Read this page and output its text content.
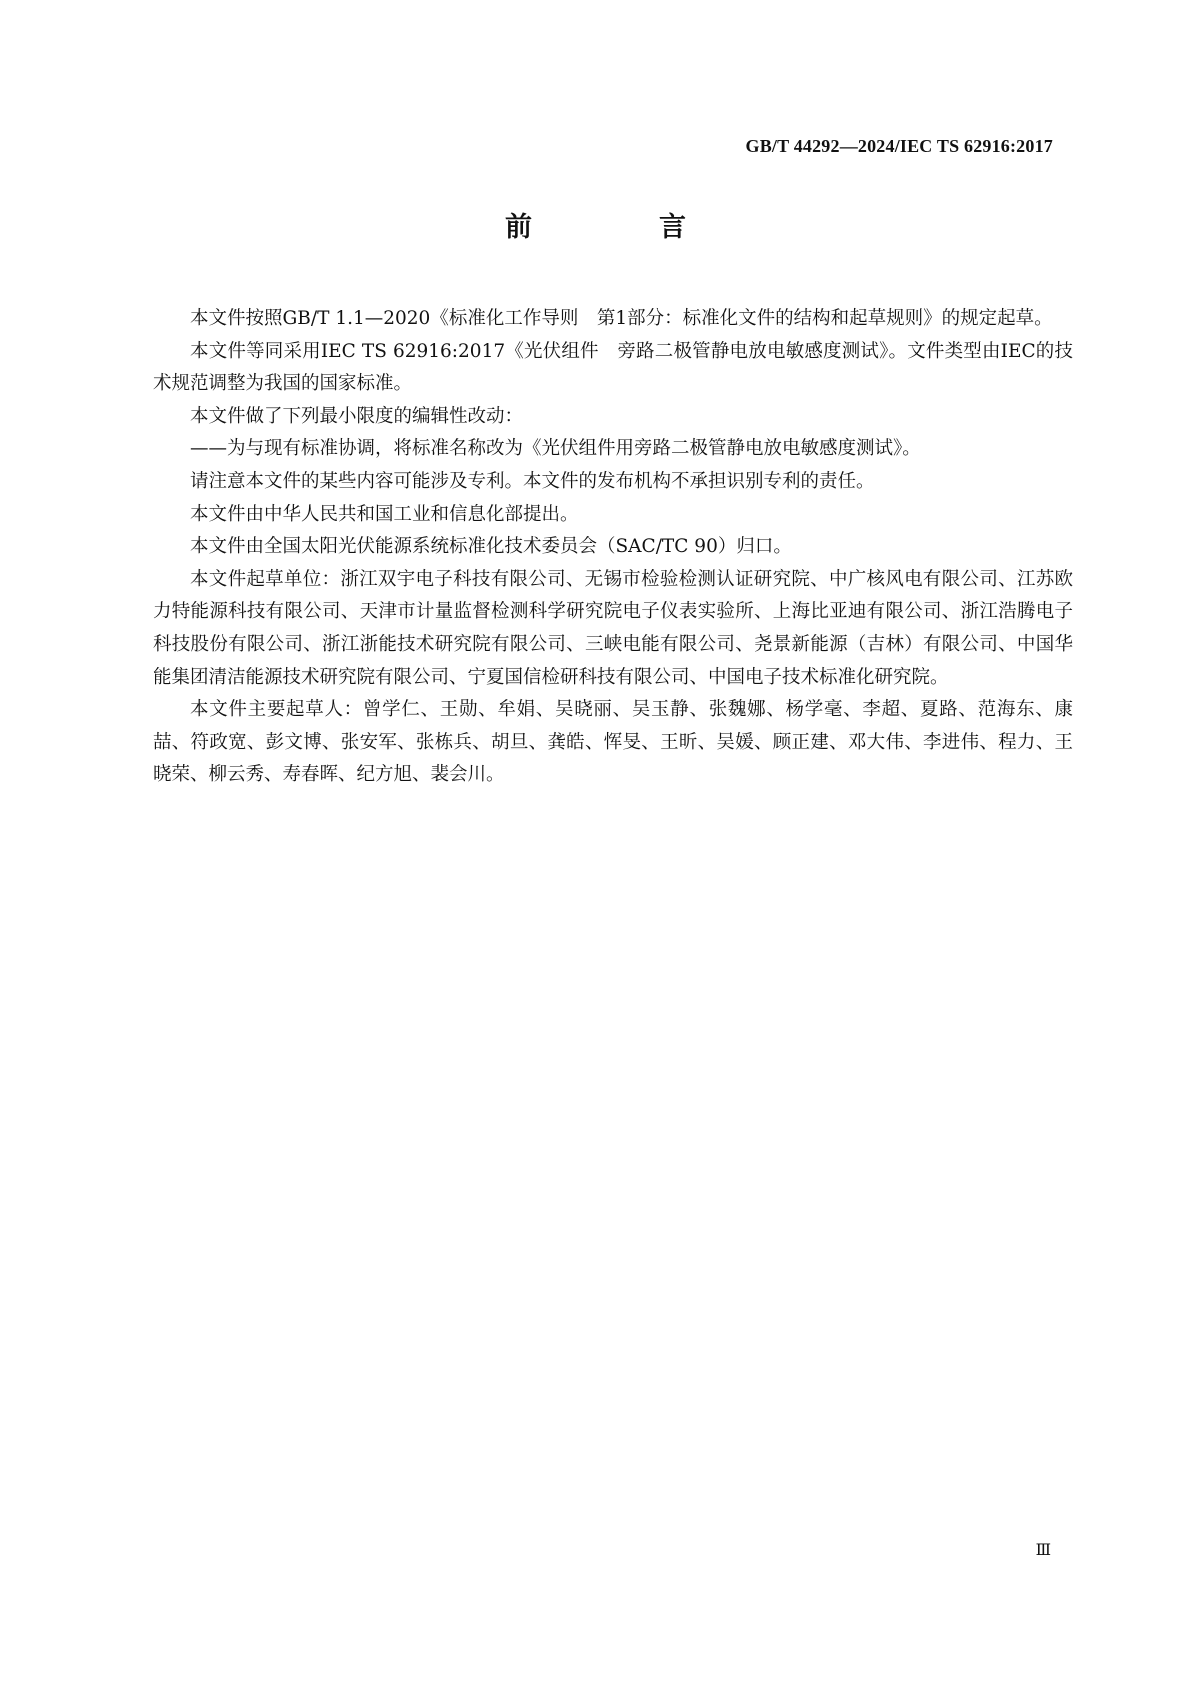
GB/T 44292—2024/IEC TS 62916:2017
前　言

本文件按照GB/T 1.1—2020《标准化工作导则　第1部分：标准化文件的结构和起草规则》的规定起草。

本文件等同采用IEC TS 62916:2017《光伏组件　旁路二极管静电放电敏感度测试》。文件类型由IEC的技术规范调整为我国的国家标准。

本文件做了下列最小限度的编辑性改动：

——为与现有标准协调，将标准名称改为《光伏组件用旁路二极管静电放电敏感度测试》。

请注意本文件的某些内容可能涉及专利。本文件的发布机构不承担识别专利的责任。

本文件由中华人民共和国工业和信息化部提出。

本文件由全国太阳光伏能源系统标准化技术委员会（SAC/TC 90）归口。

本文件起草单位：浙江双宇电子科技有限公司、无锡市检验检测认证研究院、中广核风电有限公司、江苏欧力特能源科技有限公司、天津市计量监督检测科学研究院电子仪表实验所、上海比亚迪有限公司、浙江浩腾电子科技股份有限公司、浙江浙能技术研究院有限公司、三峡电能有限公司、尧景新能源（吉林）有限公司、中国华能集团清洁能源技术研究院有限公司、宁夏国信检研科技有限公司、中国电子技术标准化研究院。

本文件主要起草人：曾学仁、王勋、牟娟、吴晓丽、吴玉静、张魏娜、杨学毫、李超、夏路、范海东、康喆、符政宽、彭文博、张安军、张栋兵、胡旦、龚皓、恽旻、王昕、吴媛、顾正建、邓大伟、李进伟、程力、王晓荣、柳云秀、寿春晖、纪方旭、裴会川。

Ⅲ
